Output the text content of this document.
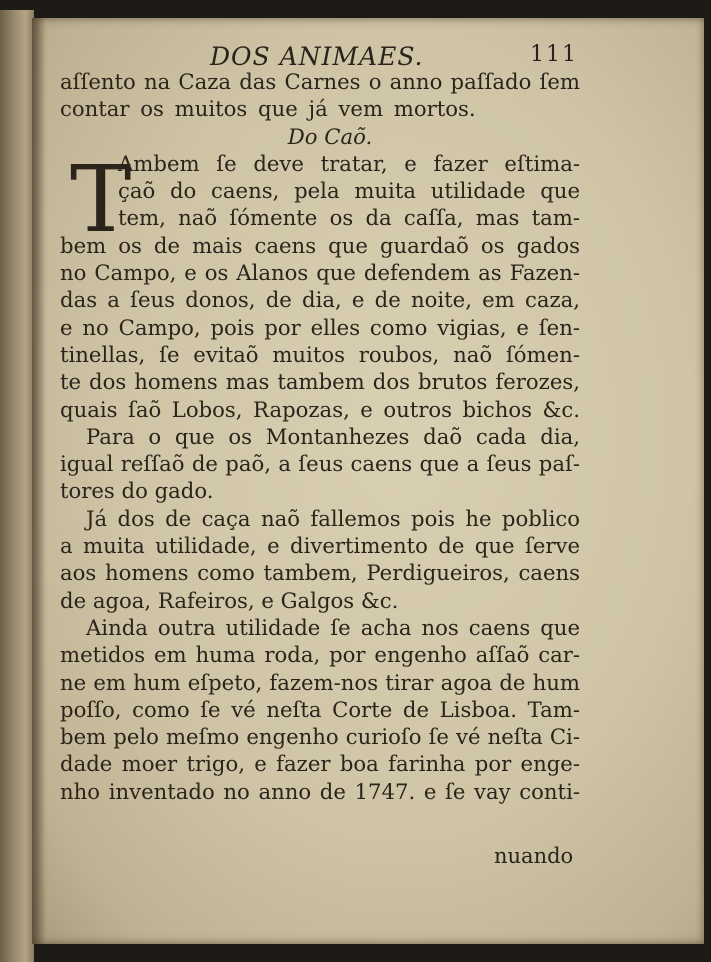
DOS ANIMAES.	111
T
aſſento na Caza das Carnes o anno paſſado ſem
contar os muitos que já vem mortos.
Do Caõ.
Ambem ſe deve tratar, e fazer eſtima-
çaõ do caens, pela muita utilidade que
tem, naõ ſómente os da caſſa, mas tam-
bem os de mais caens que guardaõ os gados
no Campo, e os Alanos que defendem as Fazen-
das a ſeus donos, de dia, e de noite, em caza,
e no Campo, pois por elles como vigias, e ſen-
tinellas, ſe evitaõ muitos roubos, naõ ſómen-
te dos homens mas tambem dos brutos ferozes,
quais ſaõ Lobos, Rapozas, e outros bichos &c.
Para o que os Montanhezes daõ cada dia,
igual reſſaõ de paõ, a ſeus caens que a ſeus paſ-
tores do gado.
Já dos de caça naõ fallemos pois he poblico
a muita utilidade, e divertimento de que ſerve
aos homens como tambem, Perdigueiros, caens
de agoa, Rafeiros, e Galgos &c.
Ainda outra utilidade ſe acha nos caens que
metidos em huma roda, por engenho aſſaõ car-
ne em hum eſpeto, fazem-nos tirar agoa de hum
poſſo, como ſe vé neſta Corte de Lisboa. Tam-
bem pelo meſmo engenho curioſo ſe vé neſta Ci-
dade moer trigo, e fazer boa farinha por enge-
nho inventado no anno de 1747. e ſe vay conti-
nuando
